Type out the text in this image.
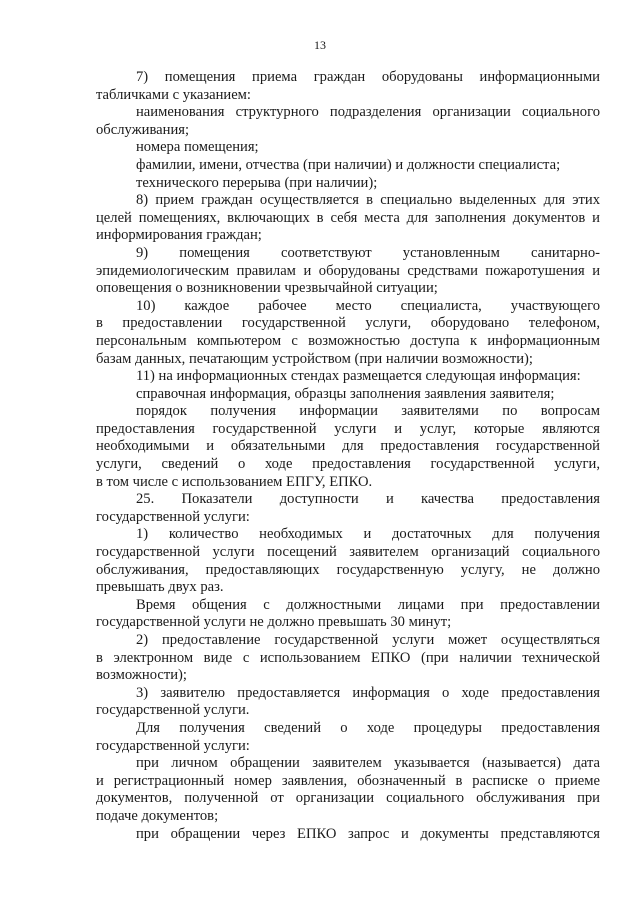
13
7) помещения приема граждан оборудованы информационными
табличками с указанием:
наименования структурного подразделения организации социального
обслуживания;
номера помещения;
фамилии, имени, отчества (при наличии) и должности специалиста;
технического перерыва (при наличии);
8) прием граждан осуществляется в специально выделенных для этих
целей помещениях, включающих в себя места для заполнения документов и
информирования граждан;
9) помещения соответствуют установленным санитарно-
эпидемиологическим правилам и оборудованы средствами пожаротушения и
оповещения о возникновении чрезвычайной ситуации;
10) каждое рабочее место специалиста, участвующего
в предоставлении государственной услуги, оборудовано телефоном,
персональным компьютером с возможностью доступа к информационным
базам данных, печатающим устройством (при наличии возможности);
11) на информационных стендах размещается следующая информация:
справочная информация, образцы заполнения заявления заявителя;
порядок получения информации заявителями по вопросам
предоставления государственной услуги и услуг, которые являются
необходимыми и обязательными для предоставления государственной
услуги, сведений о ходе предоставления государственной услуги,
в том числе с использованием ЕПГУ, ЕПКО.
25. Показатели доступности и качества предоставления
государственной услуги:
1) количество необходимых и достаточных для получения
государственной услуги посещений заявителем организаций социального
обслуживания, предоставляющих государственную услугу, не должно
превышать двух раз.
Время общения с должностными лицами при предоставлении
государственной услуги не должно превышать 30 минут;
2) предоставление государственной услуги может осуществляться
в электронном виде с использованием ЕПКО (при наличии технической
возможности);
3) заявителю предоставляется информация о ходе предоставления
государственной услуги.
Для получения сведений о ходе процедуры предоставления
государственной услуги:
при личном обращении заявителем указывается (называется) дата
и регистрационный номер заявления, обозначенный в расписке о приеме
документов, полученной от организации социального обслуживания при
подаче документов;
при обращении через ЕПКО запрос и документы представляются
